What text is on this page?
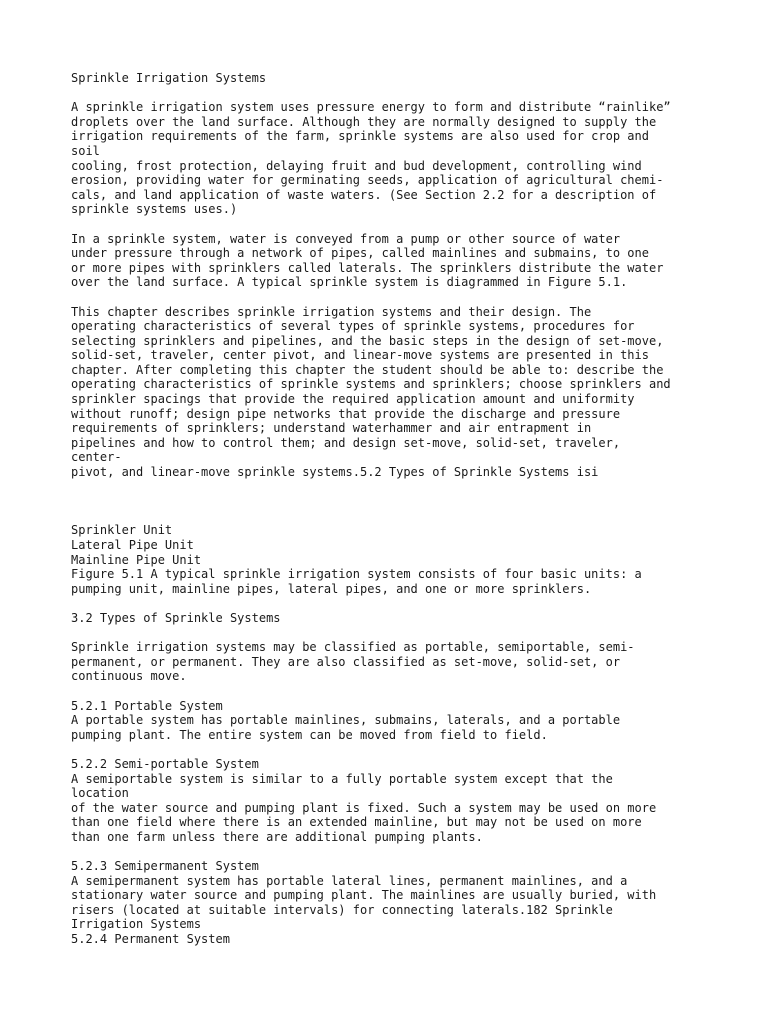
Sprinkle Irrigation Systems
A sprinkle irrigation system uses pressure energy to form and distribute “rainlike”
droplets over the land surface. Although they are normally designed to supply the
irrigation requirements of the farm, sprinkle systems are also used for crop and
soil
cooling, frost protection, delaying fruit and bud development, controlling wind
erosion, providing water for germinating seeds, application of agricultural chemi-
cals, and land application of waste waters. (See Section 2.2 for a description of
sprinkle systems uses.)
In a sprinkle system, water is conveyed from a pump or other source of water
under pressure through a network of pipes, called mainlines and submains, to one
or more pipes with sprinklers called laterals. The sprinklers distribute the water
over the land surface. A typical sprinkle system is diagrammed in Figure 5.1.
This chapter describes sprinkle irrigation systems and their design. The
operating characteristics of several types of sprinkle systems, procedures for
selecting sprinklers and pipelines, and the basic steps in the design of set-move,
solid-set, traveler, center pivot, and linear-move systems are presented in this
chapter. After completing this chapter the student should be able to: describe the
operating characteristics of sprinkle systems and sprinklers; choose sprinklers and
sprinkler spacings that provide the required application amount and uniformity
without runoff; design pipe networks that provide the discharge and pressure
requirements of sprinklers; understand waterhammer and air entrapment in
pipelines and how to control them; and design set-move, solid-set, traveler,
center-
pivot, and linear-move sprinkle systems.5.2 Types of Sprinkle Systems isi
Sprinkler Unit
Lateral Pipe Unit
Mainline Pipe Unit
Figure 5.1 A typical sprinkle irrigation system consists of four basic units: a
pumping unit, mainline pipes, lateral pipes, and one or more sprinklers.
3.2 Types of Sprinkle Systems
Sprinkle irrigation systems may be classified as portable, semiportable, semi-
permanent, or permanent. They are also classified as set-move, solid-set, or
continuous move.
5.2.1 Portable System
A portable system has portable mainlines, submains, laterals, and a portable
pumping plant. The entire system can be moved from field to field.
5.2.2 Semi-portable System
A semiportable system is similar to a fully portable system except that the
location
of the water source and pumping plant is fixed. Such a system may be used on more
than one field where there is an extended mainline, but may not be used on more
than one farm unless there are additional pumping plants.
5.2.3 Semipermanent System
A semipermanent system has portable lateral lines, permanent mainlines, and a
stationary water source and pumping plant. The mainlines are usually buried, with
risers (located at suitable intervals) for connecting laterals.182 Sprinkle
Irrigation Systems
5.2.4 Permanent System
